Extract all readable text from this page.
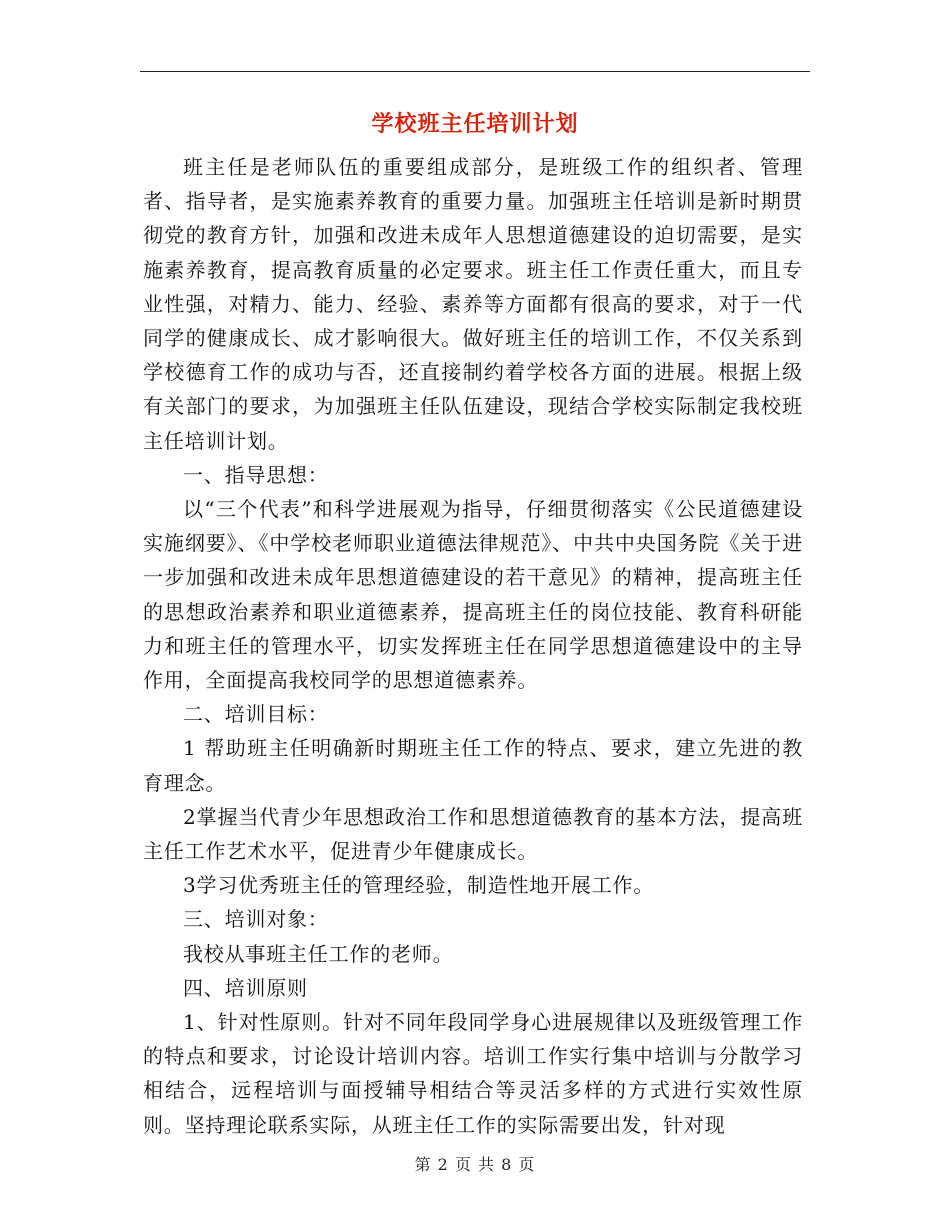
学校班主任培训计划

班主任是老师队伍的重要组成部分，是班级工作的组织者、管理者、指导者，是实施素养教育的重要力量。加强班主任培训是新时期贯彻党的教育方针，加强和改进未成年人思想道德建设的迫切需要，是实施素养教育，提高教育质量的必定要求。班主任工作责任重大，而且专业性强，对精力、能力、经验、素养等方面都有很高的要求，对于一代同学的健康成长、成才影响很大。做好班主任的培训工作，不仅关系到学校德育工作的成功与否，还直接制约着学校各方面的进展。根据上级有关部门的要求，为加强班主任队伍建设，现结合学校实际制定我校班主任培训计划。

一、指导思想：

以“三个代表”和科学进展观为指导，仔细贯彻落实《公民道德建设实施纲要》、《中学校老师职业道德法律规范》、中共中央国务院《关于进一步加强和改进未成年思想道德建设的若干意见》的精神，提高班主任的思想政治素养和职业道德素养，提高班主任的岗位技能、教育科研能力和班主任的管理水平，切实发挥班主任在同学思想道德建设中的主导作用，全面提高我校同学的思想道德素养。

二、培训目标：

1 帮助班主任明确新时期班主任工作的特点、要求，建立先进的教育理念。

2掌握当代青少年思想政治工作和思想道德教育的基本方法，提高班主任工作艺术水平，促进青少年健康成长。

3学习优秀班主任的管理经验，制造性地开展工作。

三、培训对象：

我校从事班主任工作的老师。

四、培训原则

1、针对性原则。针对不同年段同学身心进展规律以及班级管理工作的特点和要求，讨论设计培训内容。培训工作实行集中培训与分散学习相结合，远程培训与面授辅导相结合等灵活多样的方式进行实效性原则。坚持理论联系实际，从班主任工作的实际需要出发，针对现

第 2 页 共 8 页
